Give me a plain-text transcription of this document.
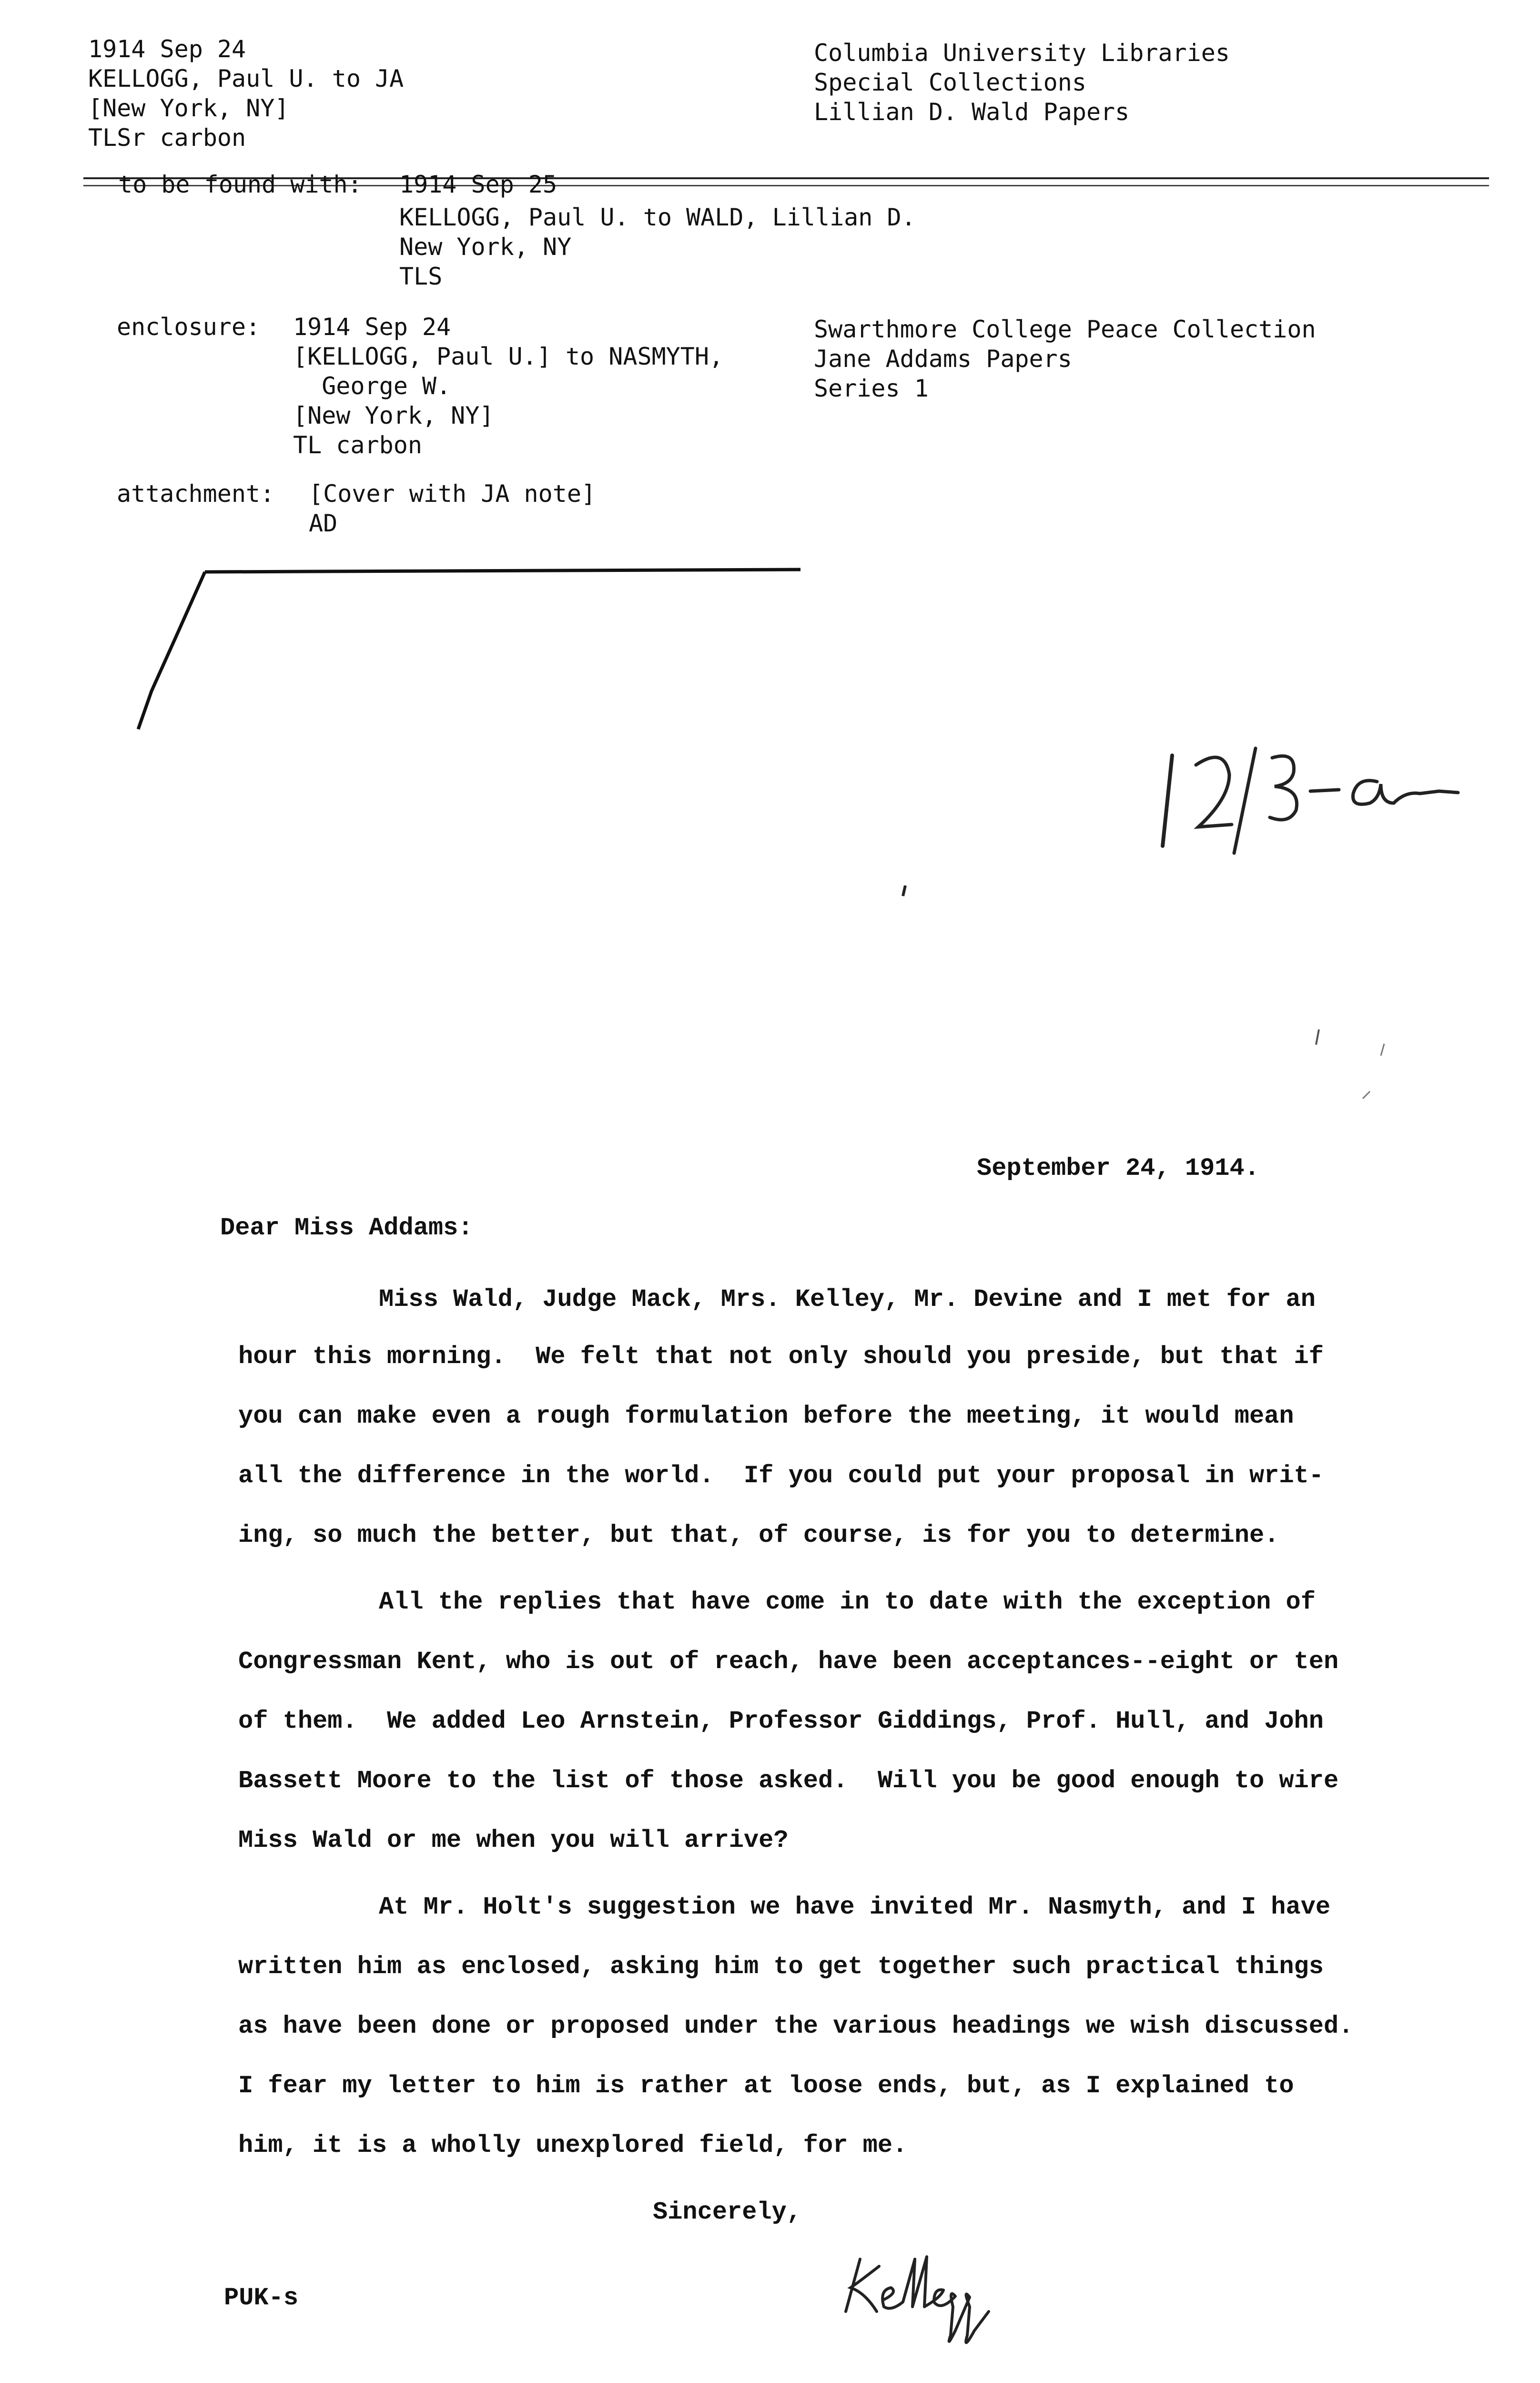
1914 Sep 24
KELLOGG, Paul U. to JA
[New York, NY]
TLSr carbon
Columbia University Libraries
Special Collections
Lillian D. Wald Papers
to be found with: 1914 Sep 25
KELLOGG, Paul U. to WALD, Lillian D.
New York, NY
TLS
enclosure: 1914 Sep 24
[KELLOGG, Paul U.] to NASMYTH,
George W.
[New York, NY]
TL carbon
Swarthmore College Peace Collection
Jane Addams Papers
Series 1
attachment: [Cover with JA note]
AD
September 24, 1914.
Dear Miss Addams:
Miss Wald, Judge Mack, Mrs. Kelley, Mr. Devine and I met for an
hour this morning.  We felt that not only should you preside, but that if
you can make even a rough formulation before the meeting, it would mean
all the difference in the world.  If you could put your proposal in writ-
ing, so much the better, but that, of course, is for you to determine.
All the replies that have come in to date with the exception of
Congressman Kent, who is out of reach, have been acceptances--eight or ten
of them.  We added Leo Arnstein, Professor Giddings, Prof. Hull, and John
Bassett Moore to the list of those asked.  Will you be good enough to wire
Miss Wald or me when you will arrive?
At Mr. Holt's suggestion we have invited Mr. Nasmyth, and I have
written him as enclosed, asking him to get together such practical things
as have been done or proposed under the various headings we wish discussed.
I fear my letter to him is rather at loose ends, but, as I explained to
him, it is a wholly unexplored field, for me.
Sincerely,
PUK-s
